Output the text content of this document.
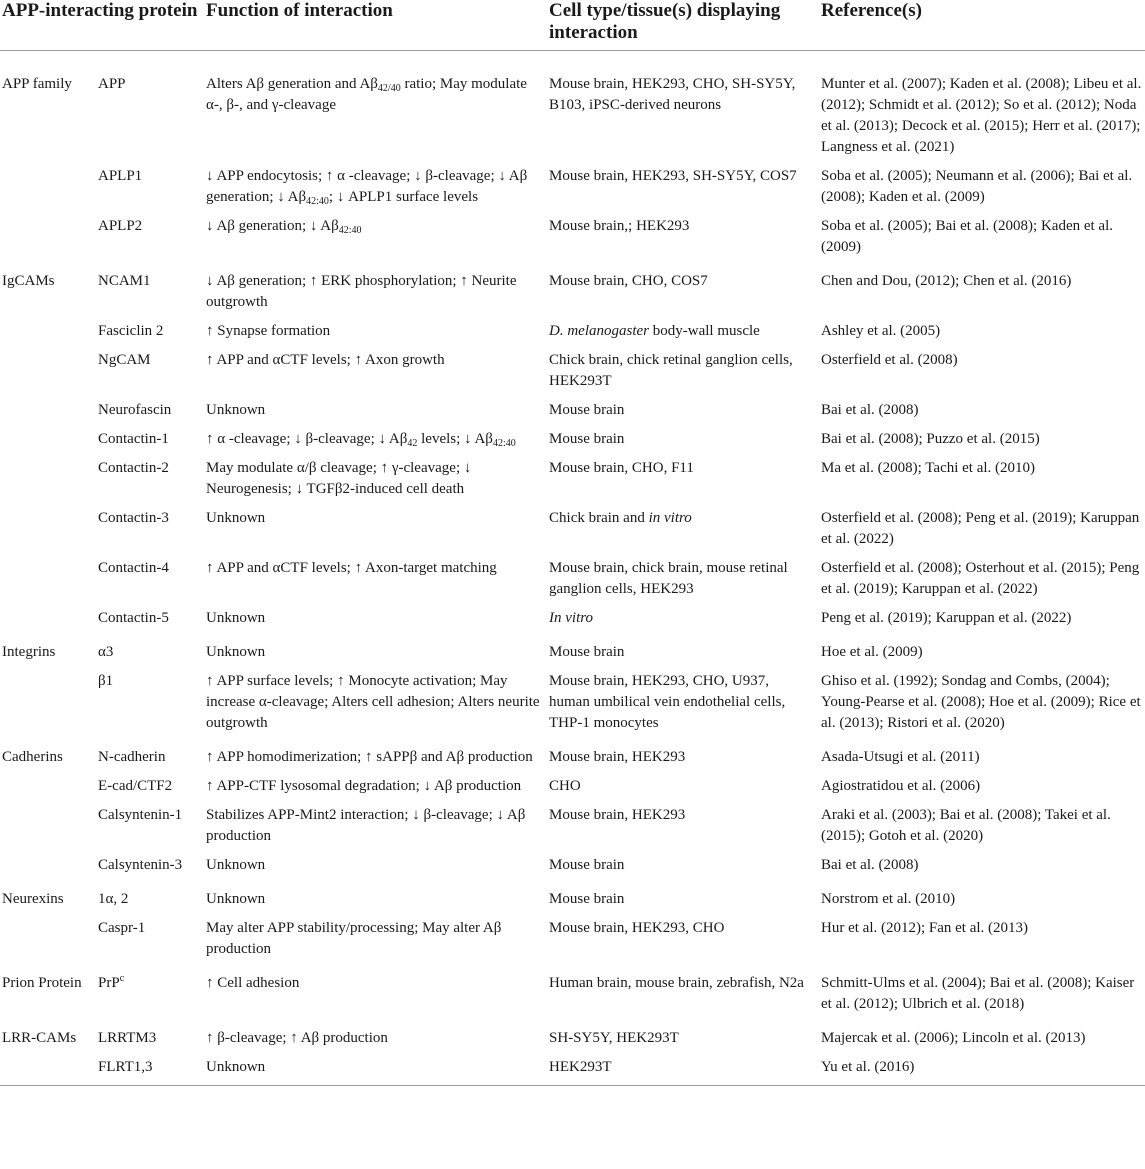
APP-interacting protein		Function of interaction	Cell type/tissue(s) displaying interaction	Reference(s)
APP family	APP	Alters Aβ generation and $A\beta_{42/40}$ ratio; May modulate α-, β-, and γ-cleavage	Mouse brain, HEK293, CHO, SH-SY5Y, B103, iPSC-derived neurons	Munter et al. (2007); Kaden et al. (2008); Libeu et al. (2012); Schmidt et al. (2012); So et al. (2012); Noda et al. (2013); Decock et al. (2015); Herr et al. (2017); Langness et al. (2021)
	APLP1	↓ APP endocytosis; ↑ α -cleavage; ↓ β-cleavage; ↓ Aβ generation; ↓ $A\beta_{42:40}$; ↓ APLP1 surface levels	Mouse brain, HEK293, SH-SY5Y, COS7	Soba et al. (2005); Neumann et al. (2006); Bai et al. (2008); Kaden et al. (2009)
	APLP2	↓ Aβ generation; ↓ $A\beta_{42:40}$	Mouse brain,; HEK293	Soba et al. (2005); Bai et al. (2008); Kaden et al. (2009)
IgCAMs	NCAM1	↓ Aβ generation; ↑ ERK phosphorylation; ↑ Neurite outgrowth	Mouse brain, CHO, COS7	Chen and Dou, (2012); Chen et al. (2016)
	Fasciclin 2	↑ Synapse formation	D. melanogaster body-wall muscle	Ashley et al. (2005)
	NgCAM	↑ APP and αCTF levels; ↑ Axon growth	Chick brain, chick retinal ganglion cells, HEK293T	Osterfield et al. (2008)
	Neurofascin	Unknown	Mouse brain	Bai et al. (2008)
	Contactin-1	↑ α -cleavage; ↓ β-cleavage; ↓ $A\beta_{42}$ levels; ↓ $A\beta_{42:40}$	Mouse brain	Bai et al. (2008); Puzzo et al. (2015)
	Contactin-2	May modulate α/β cleavage; ↑ γ-cleavage; ↓ Neurogenesis; ↓ TGFβ2-induced cell death	Mouse brain, CHO, F11	Ma et al. (2008); Tachi et al. (2010)
	Contactin-3	Unknown	Chick brain and in vitro	Osterfield et al. (2008); Peng et al. (2019); Karuppan et al. (2022)
	Contactin-4	↑ APP and αCTF levels; ↑ Axon-target matching	Mouse brain, chick brain, mouse retinal ganglion cells, HEK293	Osterfield et al. (2008); Osterhout et al. (2015); Peng et al. (2019); Karuppan et al. (2022)
	Contactin-5	Unknown	In vitro	Peng et al. (2019); Karuppan et al. (2022)
Integrins	α3	Unknown	Mouse brain	Hoe et al. (2009)
	β1	↑ APP surface levels; ↑ Monocyte activation; May increase α-cleavage; Alters cell adhesion; Alters neurite outgrowth	Mouse brain, HEK293, CHO, U937, human umbilical vein endothelial cells, THP-1 monocytes	Ghiso et al. (1992); Sondag and Combs, (2004); Young-Pearse et al. (2008); Hoe et al. (2009); Rice et al. (2013); Ristori et al. (2020)
Cadherins	N-cadherin	↑ APP homodimerization; ↑ sAPPβ and Aβ production	Mouse brain, HEK293	Asada-Utsugi et al. (2011)
	E-cad/CTF2	↑ APP-CTF lysosomal degradation; ↓ Aβ production	CHO	Agiostratidou et al. (2006)
	Calsyntenin-1	Stabilizes APP-Mint2 interaction; ↓ β-cleavage; ↓ Aβ production	Mouse brain, HEK293	Araki et al. (2003); Bai et al. (2008); Takei et al. (2015); Gotoh et al. (2020)
	Calsyntenin-3	Unknown	Mouse brain	Bai et al. (2008)
Neurexins	1α, 2	Unknown	Mouse brain	Norstrom et al. (2010)
	Caspr-1	May alter APP stability/processing; May alter Aβ production	Mouse brain, HEK293, CHO	Hur et al. (2012); Fan et al. (2013)
Prion Protein	PrP$^c$	↑ Cell adhesion	Human brain, mouse brain, zebrafish, N2a	Schmitt-Ulms et al. (2004); Bai et al. (2008); Kaiser et al. (2012); Ulbrich et al. (2018)
LRR-CAMs	LRRTM3	↑ β-cleavage; ↑ Aβ production	SH-SY5Y, HEK293T	Majercak et al. (2006); Lincoln et al. (2013)
	FLRT1,3	Unknown	HEK293T	Yu et al. (2016)
